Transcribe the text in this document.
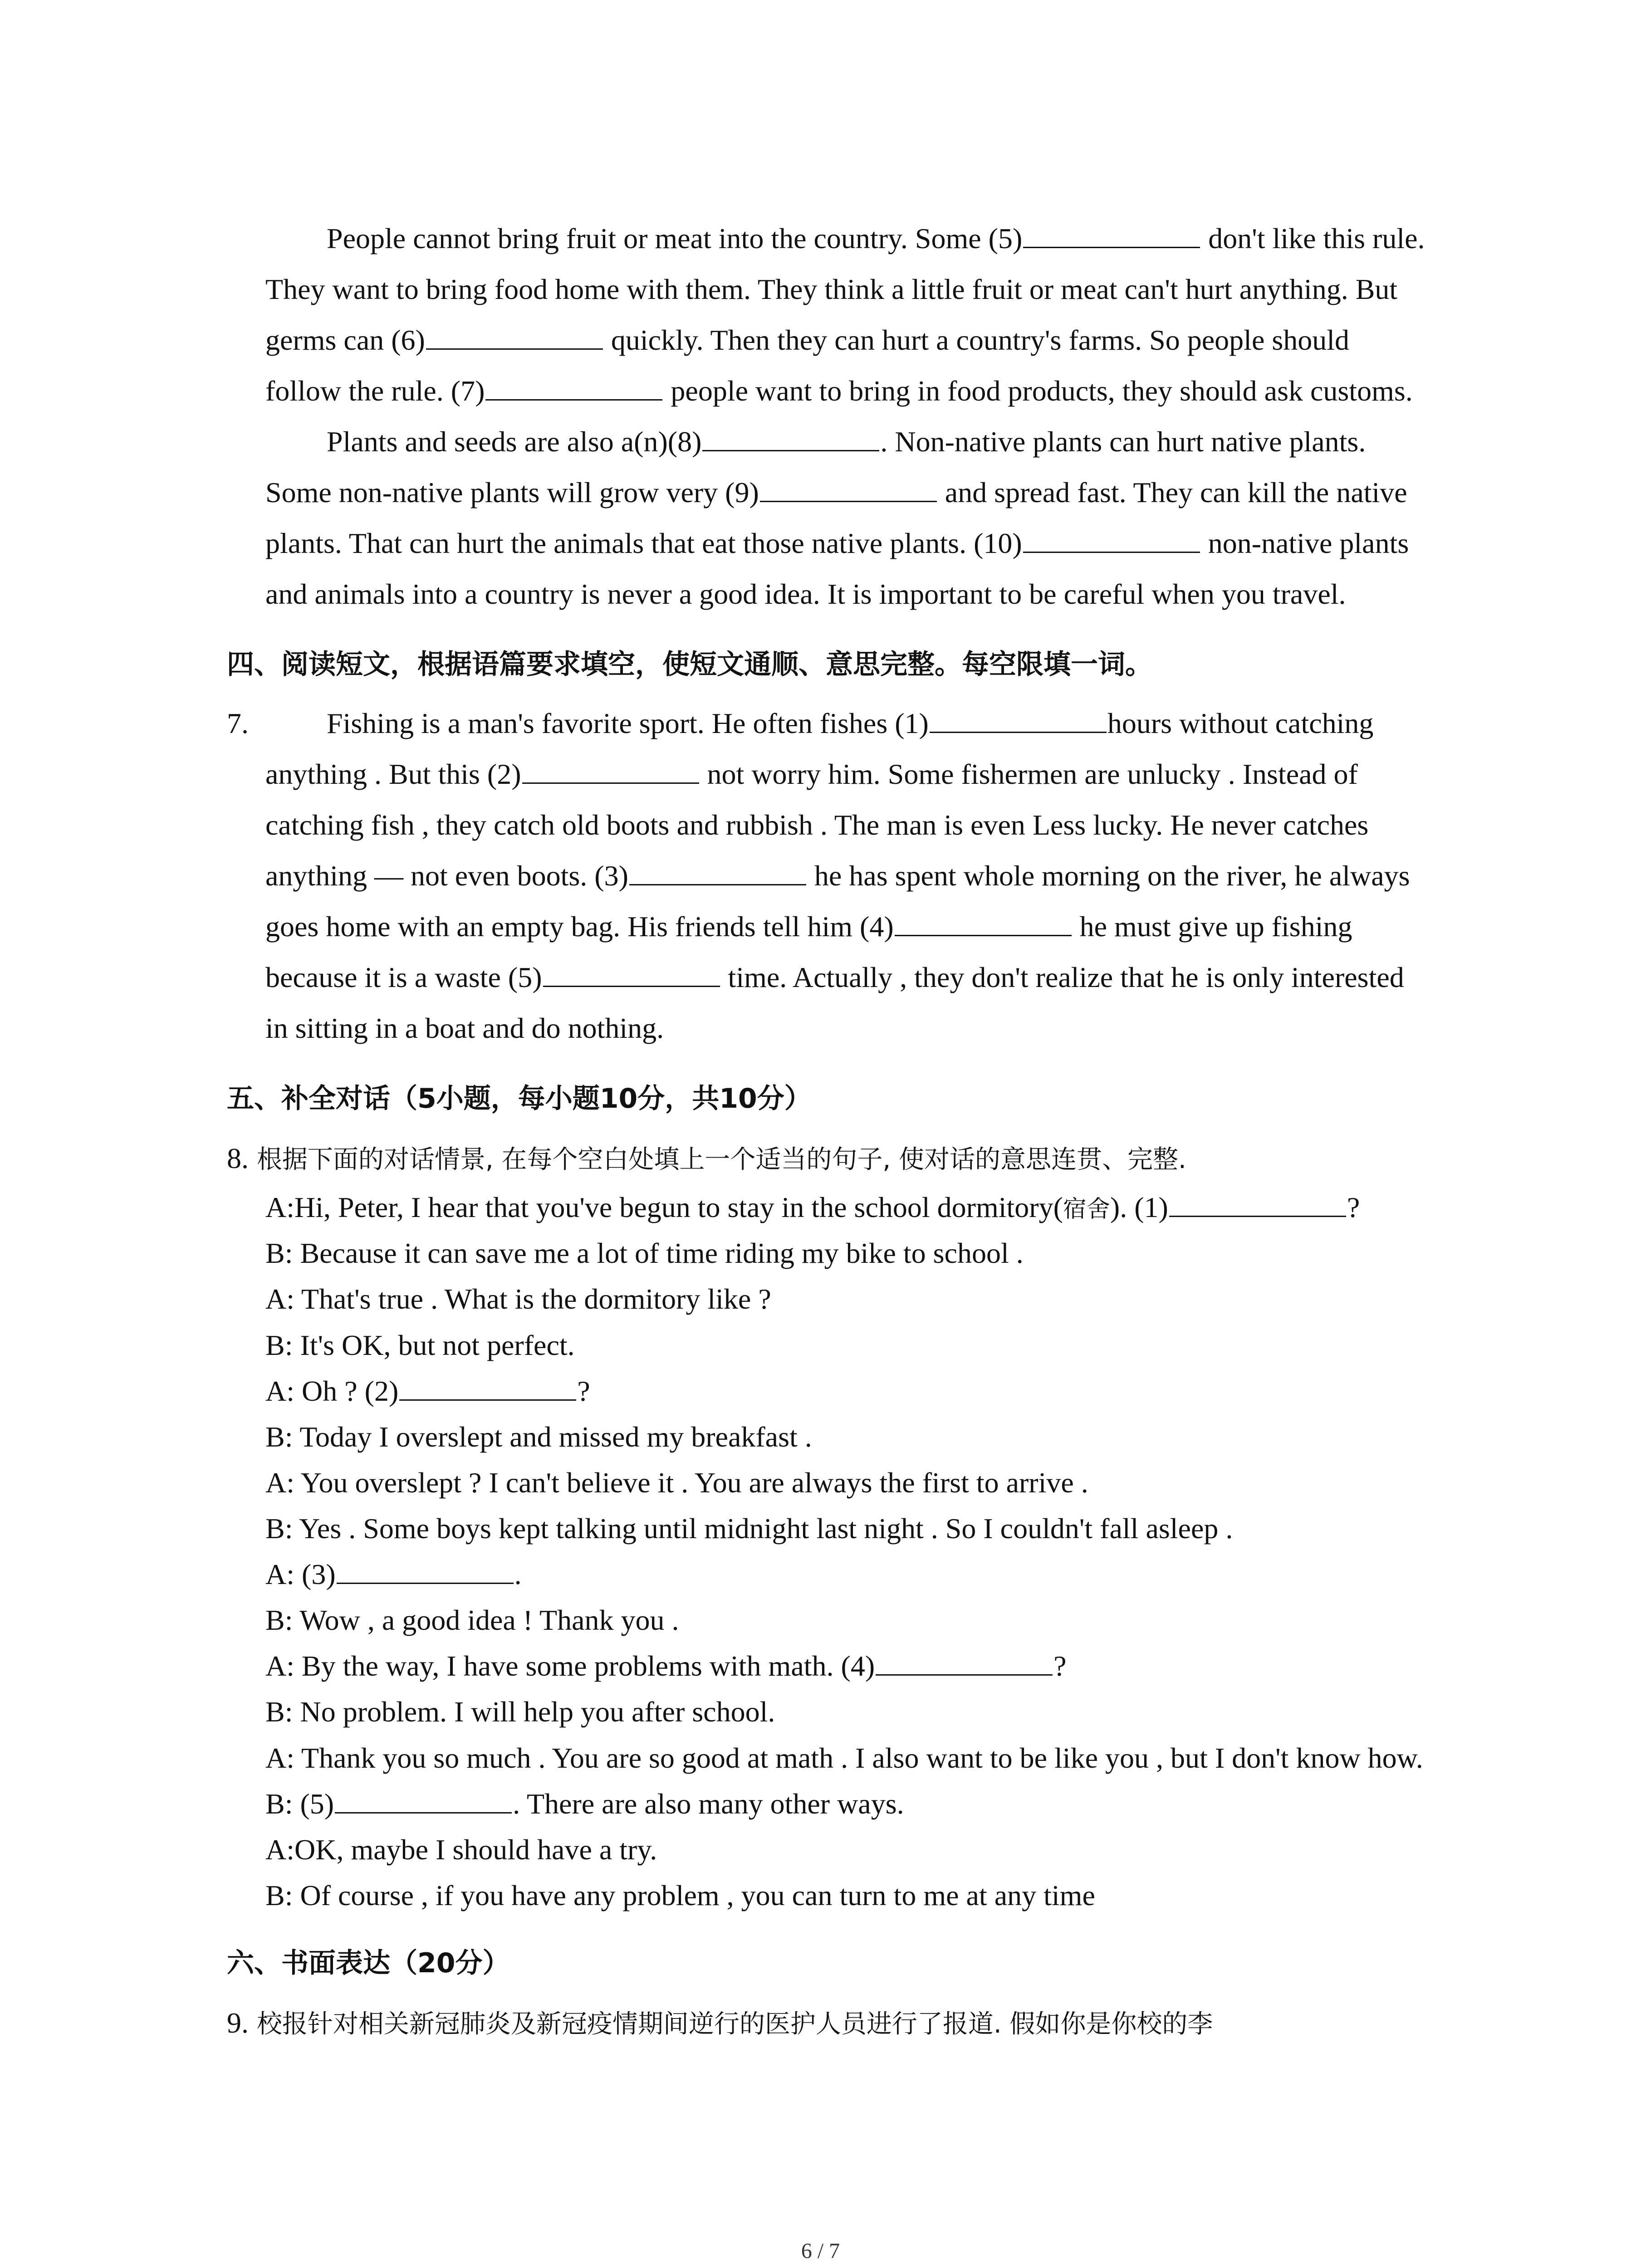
People cannot bring fruit or meat into the country. Some (5)	don't like this rule. They want to bring food home with them. They think a little fruit or meat can't hurt anything. But germs can (6)	quickly. Then they can hurt a country's farms. So people should follow the rule. (7)	people want to bring in food products, they should ask customs.

Plants and seeds are also a(n)(8)	. Non-native plants can hurt native plants. Some non-native plants will grow very (9)	and spread fast. They can kill the native plants. That can hurt the animals that eat those native plants. (10)	non-native plants and animals into a country is never a good idea. It is important to be careful when you travel.

四、阅读短文，根据语篇要求填空，使短文通顺、意思完整。每空限填一词。
7.	Fishing is a man's favorite sport. He often fishes (1)	hours without catching anything . But this (2)	not worry him. Some fishermen are unlucky . Instead of catching fish , they catch old boots and rubbish . The man is even Less lucky. He never catches anything — not even boots. (3)	he has spent whole morning on the river, he always goes home with an empty bag. His friends tell him (4)	he must give up fishing because it is a waste (5)	time. Actually , they don't realize that he is only interested in sitting in a boat and do nothing.

五、补全对话（5小题，每小题10分，共10分）

8. 根据下面的对话情景, 在每个空白处填上一个适当的句子, 使对话的意思连贯、完整.

A:Hi, Peter, I hear that you've begun to stay in the school dormitory(宿舍). (1)	?

B: Because it can save me a lot of time riding my bike to school .

A: That's true . What is the dormitory like ?

B: It's OK, but not perfect.

A: Oh ? (2)	?

B: Today I overslept and missed my breakfast .

A: You overslept ? I can't believe it . You are always the first to arrive .

B: Yes . Some boys kept talking until midnight last night . So I couldn't fall asleep .

A: (3)	.

B: Wow , a good idea ! Thank you .

A: By the way, I have some problems with math. (4)	?

B: No problem. I will help you after school.

A: Thank you so much . You are so good at math . I also want to be like you , but I don't know how.

B: (5)	. There are also many other ways.

A:OK, maybe I should have a try.

B: Of course , if you have any problem , you can turn to me at any time

六、书面表达（20分）

9. 校报针对相关新冠肺炎及新冠疫情期间逆行的医护人员进行了报道. 假如你是你校的李

6 / 7
